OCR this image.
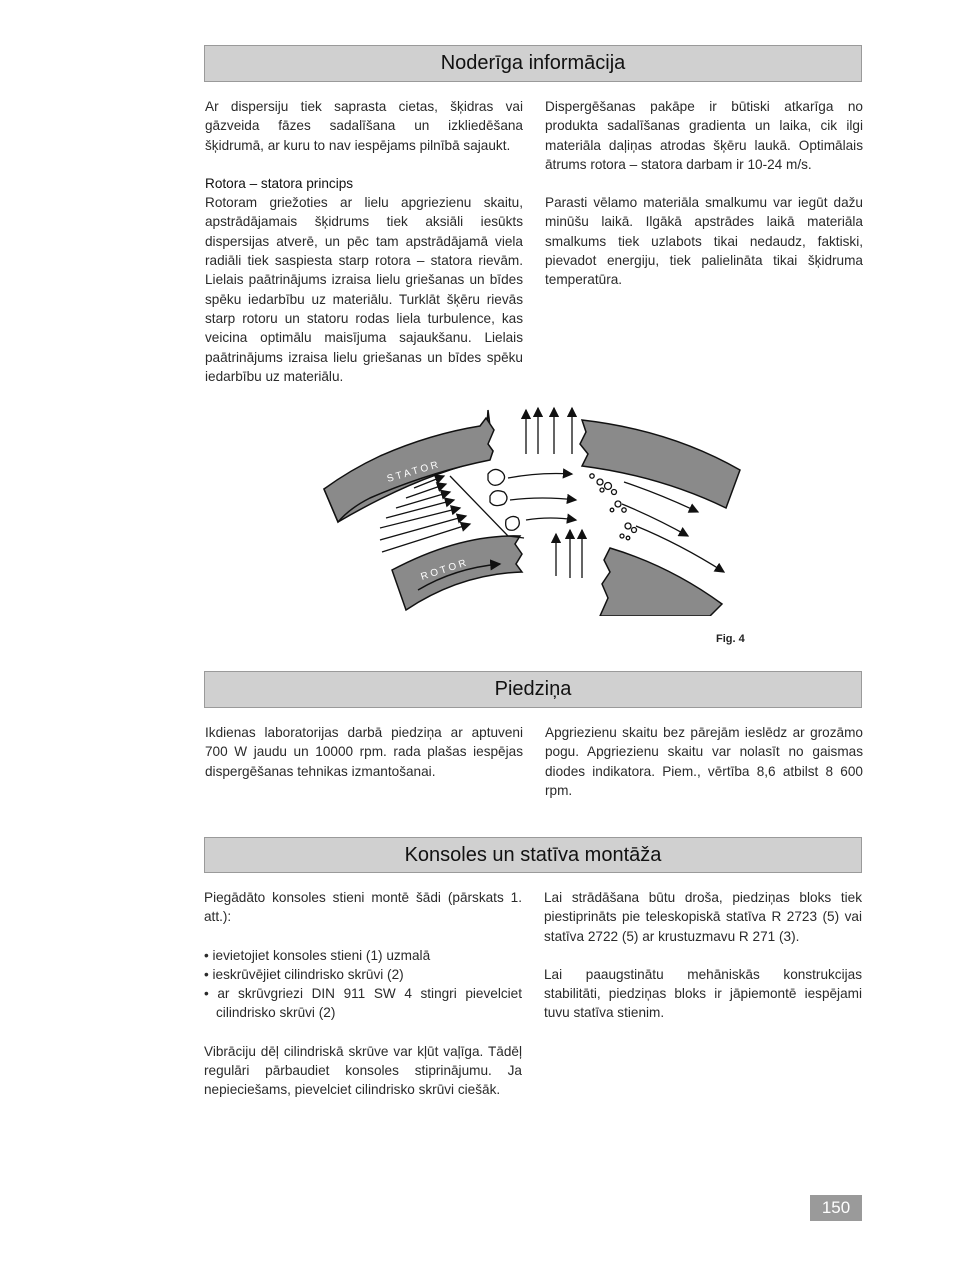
Noderīga informācija

Ar dispersiju tiek saprasta cietas, šķidras vai gāzveida fāzes sadalīšana un izkliedēšana šķidrumā, ar kuru to nav iespējams pilnībā sajaukt.

Rotora – statora princips

Rotoram griežoties ar lielu apgriezienu skaitu, apstrādājamais šķidrums tiek aksiāli iesūkts dispersijas atverē, un pēc tam apstrādājamā viela radiāli tiek saspiesta starp rotora – statora rievām. Lielais paātrinājums izraisa lielu griešanas un bīdes spēku iedarbību uz materiālu. Turklāt šķēru rievās starp rotoru un statoru rodas liela turbulence, kas veicina optimālu maisījuma sajaukšanu. Lielais paātrinājums izraisa lielu griešanas un bīdes spēku iedarbību uz materiālu.

Dispergēšanas pakāpe ir būtiski atkarīga no produkta sadalīšanas gradienta un laika, cik ilgi materiāla daļiņas atrodas šķēru laukā. Optimālais ātrums rotora – statora darbam ir 10-24 m/s.

Parasti vēlamo materiāla smalkumu var iegūt dažu minūšu laikā. Ilgākā apstrādes laikā materiāla smalkums tiek uzlabots tikai nedaudz, faktiski, pievadot energiju, tiek palielināta tikai šķidruma temperatūra.

S T A T O R
R O T O R
Fig. 4
Piedziņa

Ikdienas laboratorijas darbā piedziņa ar aptuveni 700 W jaudu un 10000 rpm. rada plašas iespējas dispergēšanas tehnikas izmantošanai.

Apgriezienu skaitu bez pārejām ieslēdz ar grozāmo pogu. Apgriezienu skaitu var nolasīt no gaismas diodes indikatora. Piem., vērtība 8,6 atbilst 8 600 rpm.

Konsoles un statīva montāža

Piegādāto konsoles stieni montē šādi (pārskats 1. att.):

• ievietojiet konsoles stieni (1) uzmalā
• ieskrūvējiet cilindrisko skrūvi (2)
• ar skrūvgriezi DIN 911 SW 4 stingri pievelciet cilindrisko skrūvi (2)

Vibrāciju dēļ cilindriskā skrūve var kļūt vaļīga. Tādēļ regulāri pārbaudiet konsoles stiprinājumu. Ja nepieciešams, pievelciet cilindrisko skrūvi ciešāk.

Lai strādāšana būtu droša, piedziņas bloks tiek piestiprināts pie teleskopiskā statīva R 2723 (5) vai statīva 2722 (5) ar krustuzmavu R 271 (3).

Lai paaugstinātu mehāniskās konstrukcijas stabilitāti, piedziņas bloks ir jāpiemontē iespējami tuvu statīva stienim.

150
